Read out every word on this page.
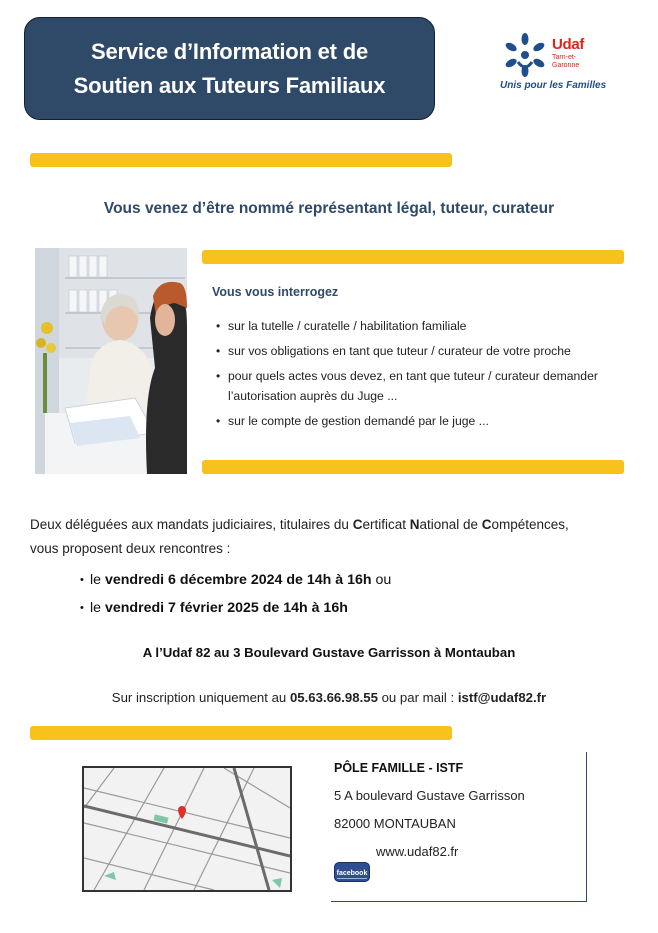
Service d’Information et de
Soutien aux Tuteurs Familiaux
Udaf
Tarn-et-Garonne
Unis pour les Familles
Vous venez d’être nommé représentant légal, tuteur, curateur
Vous vous interrogez
• sur la tutelle / curatelle / habilitation familiale
• sur vos obligations en tant que tuteur / curateur de votre proche
• pour quels actes vous devez, en tant que tuteur / curateur demander l’autorisation auprès du Juge ...
• sur le compte de gestion demandé par le juge ...
Deux déléguées aux mandats judiciaires, titulaires du Certificat National de Compétences,
vous proposent deux rencontres :
• le vendredi 6 décembre 2024 de 14h à 16h ou
• le vendredi 7 février 2025 de 14h à 16h
A l’Udaf 82 au 3 Boulevard Gustave Garrisson à Montauban
Sur inscription uniquement au 05.63.66.98.55 ou par mail : istf@udaf82.fr
PÔLE FAMILLE - ISTF
5 A boulevard Gustave Garrisson
82000 MONTAUBAN
www.udaf82.fr
facebook
